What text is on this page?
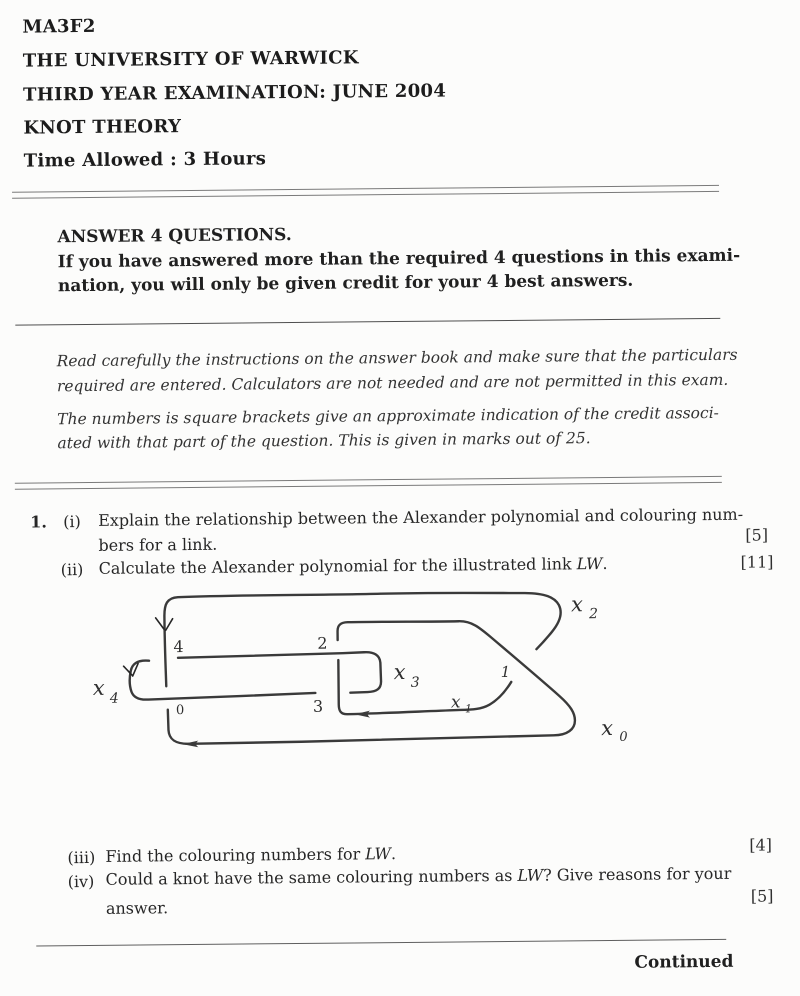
MA3F2
THE UNIVERSITY OF WARWICK
THIRD YEAR EXAMINATION: JUNE 2004
KNOT THEORY
Time Allowed : 3 Hours
ANSWER 4 QUESTIONS.
If you have answered more than the required 4 questions in this exami-
nation, you will only be given credit for your 4 best answers.
Read carefully the instructions on the answer book and make sure that the particulars
required are entered. Calculators are not needed and are not permitted in this exam.
The numbers is square brackets give an approximate indication of the credit associ-
ated with that part of the question. This is given in marks out of 25.
1. (i) Explain the relationship between the Alexander polynomial and colouring num-
bers for a link.	[5]
(ii) Calculate the Alexander polynomial for the illustrated link LW.	[11]
4	2
1
0	3
x 2
x 4
x 3
x 1
x 0
(iii) Find the colouring numbers for LW.	[4]
(iv) Could a knot have the same colouring numbers as LW? Give reasons for your
answer.
[5]
Continued
